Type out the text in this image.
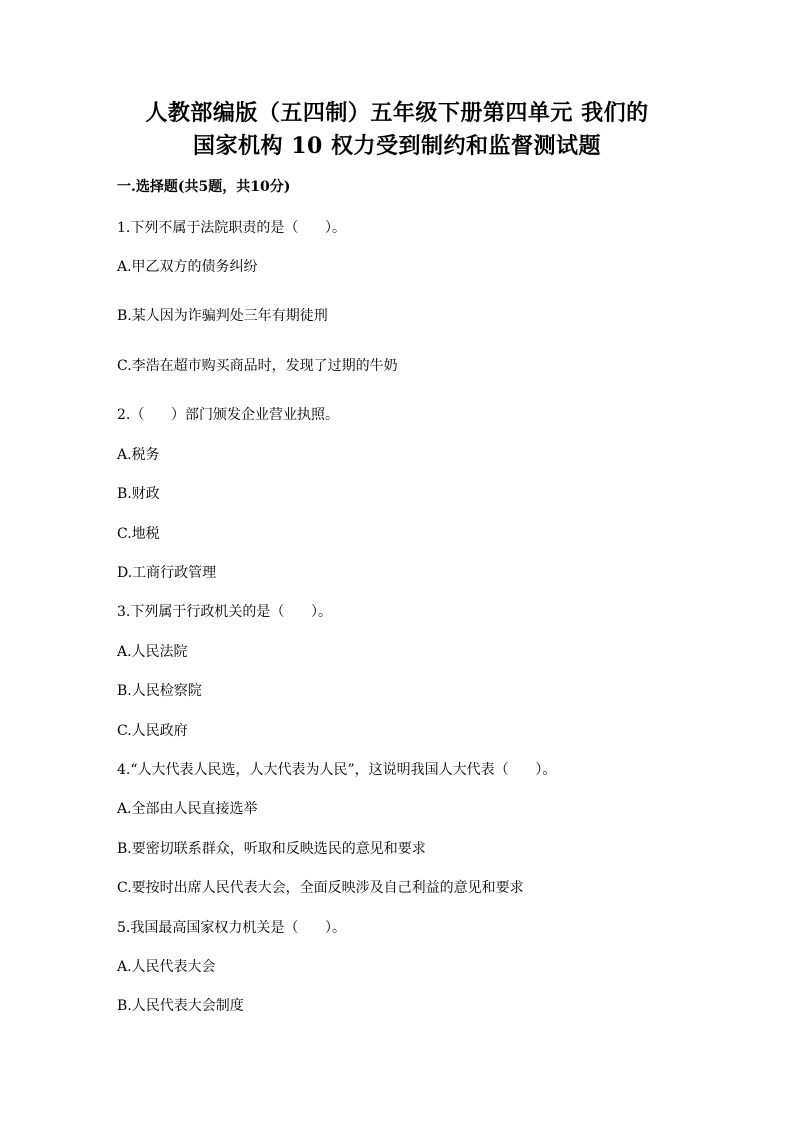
人教部编版（五四制）五年级下册第四单元 我们的
国家机构 10 权力受到制约和监督测试题
一.选择题(共5题，共10分)
1.下列不属于法院职责的是（      ）。
A.甲乙双方的债务纠纷
B.某人因为诈骗判处三年有期徒刑
C.李浩在超市购买商品时，发现了过期的牛奶
2.（      ）部门颁发企业营业执照。
A.税务
B.财政
C.地税
D.工商行政管理
3.下列属于行政机关的是（      ）。
A.人民法院
B.人民检察院
C.人民政府
4.“人大代表人民选，人大代表为人民”，这说明我国人大代表（      ）。
A.全部由人民直接选举
B.要密切联系群众，听取和反映选民的意见和要求
C.要按时出席人民代表大会，全面反映涉及自己利益的意见和要求
5.我国最高国家权力机关是（      ）。
A.人民代表大会
B.人民代表大会制度
